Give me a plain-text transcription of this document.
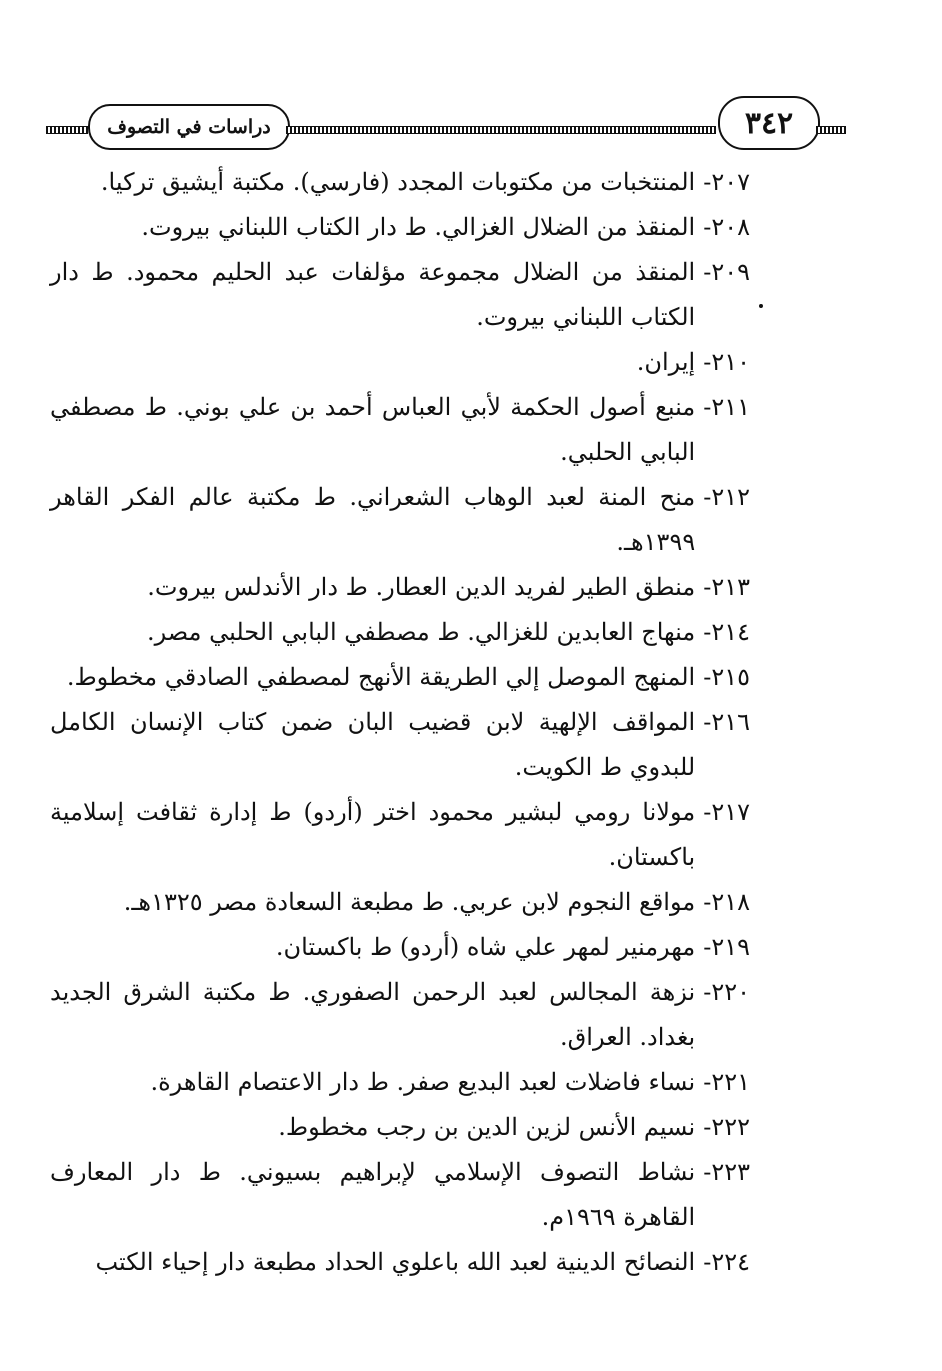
دراسات في التصوف	٣٤٢
٢٠٧-
المنتخبات من مكتوبات المجدد (فارسي). مكتبة أيشيق تركيا.
٢٠٨-
المنقذ من الضلال الغزالي. ط دار الكتاب اللبناني بيروت.
٢٠٩-
المنقذ من الضلال مجموعة مؤلفات عبد الحليم محمود. ط دار الكتاب اللبناني بيروت.
٢١٠-
إيران.
٢١١-
منبع أصول الحكمة لأبي العباس أحمد بن علي بوني. ط مصطفي البابي الحلبي.
٢١٢-
منح المنة لعبد الوهاب الشعراني. ط مكتبة عالم الفكر القاهر ١٣٩٩هـ.
٢١٣-
منطق الطير لفريد الدين العطار. ط دار الأندلس بيروت.
٢١٤-
منهاج العابدين للغزالي. ط مصطفي البابي الحلبي مصر.
٢١٥-
المنهج الموصل إلي الطريقة الأنهج لمصطفي الصادقي مخطوط.
٢١٦-
المواقف الإلهية لابن قضيب البان ضمن كتاب الإنسان الكامل للبدوي ط الكويت.
٢١٧-
مولانا رومي لبشير محمود اختر (أردو) ط إدارة ثقافت إسلامية باكستان.
٢١٨-
مواقع النجوم لابن عربي. ط مطبعة السعادة مصر ١٣٢٥هـ.
٢١٩-
مهرمنير لمهر علي شاه (أردو) ط باكستان.
٢٢٠-
نزهة المجالس لعبد الرحمن الصفوري. ط مكتبة الشرق الجديد بغداد. العراق.
٢٢١-
نساء فاضلات لعبد البديع صفر. ط دار الاعتصام القاهرة.
٢٢٢-
نسيم الأنس لزين الدين بن رجب مخطوط.
٢٢٣-
نشاط التصوف الإسلامي لإبراهيم بسيوني. ط دار المعارف القاهرة ١٩٦٩م.
٢٢٤-
النصائح الدينية لعبد الله باعلوي الحداد مطبعة دار إحياء الكتب
